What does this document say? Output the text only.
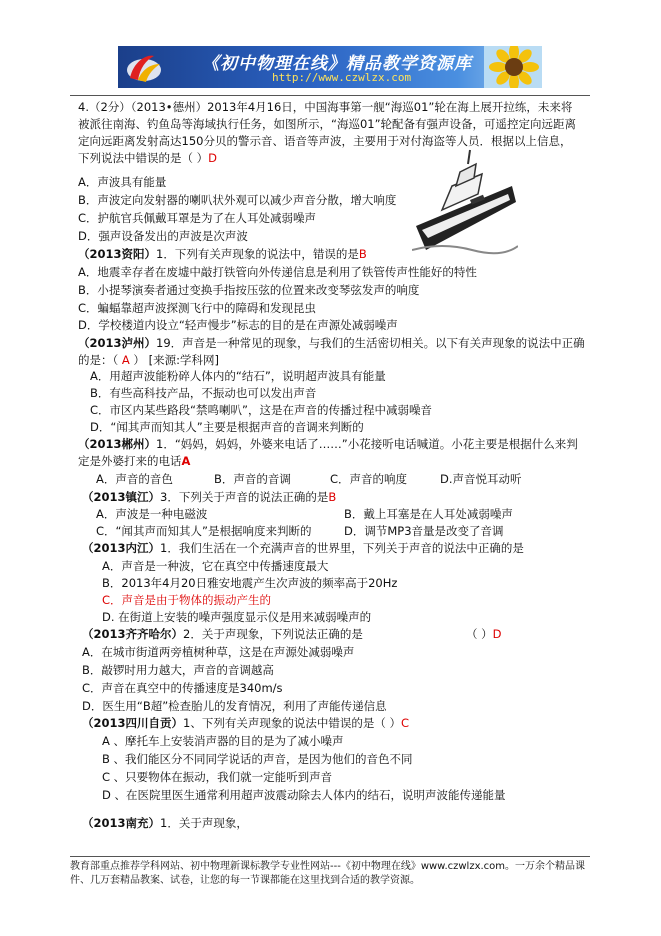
《初中物理在线》精品教学资源库
http://www.czwlzx.com
4.（2分）（2013•德州）2013年4月16日，中国海事第一舰“海巡01”轮在海上展开拉练，未来将
被派往南海、钓鱼岛等海域执行任务，如图所示，“海巡01”轮配备有强声设备，可遥控定向远距离
定向远距离发射高达150分贝的警示音、语音等声波，主要用于对付海盗等人员．根据以上信息，
下列说法中错误的是（ ）D
A．声波具有能量
B．声波定向发射器的喇叭状外观可以减少声音分散，增大响度
C．护航官兵佩戴耳罩是为了在人耳处减弱噪声
D．强声设备发出的声波是次声波
（2013资阳）1．下列有关声现象的说法中，错误的是B
A．地震幸存者在废墟中敲打铁管向外传递信息是利用了铁管传声性能好的特性
B．小提琴演奏者通过变换手指按压弦的位置来改变琴弦发声的响度
C．蝙蝠靠超声波探测飞行中的障碍和发现昆虫
D．学校楼道内设立“轻声慢步”标志的目的是在声源处减弱噪声
（2013泸州）19．声音是一种常见的现象，与我们的生活密切相关。以下有关声现象的说法中正确
的是：（ A ） [来源:学科网]
A．用超声波能粉碎人体内的“结石”，说明超声波具有能量
B．有些高科技产品，不振动也可以发出声音
C．市区内某些路段“禁鸣喇叭”，这是在声音的传播过程中减弱噪音
D．“闻其声而知其人”主要是根据声音的音调来判断的
（2013郴州）1．“妈妈，妈妈，外婆来电话了……”小花接听电话喊道。小花主要是根据什么来判
定是外婆打来的电话A
A．声音的音色	B．声音的音调	C．声音的响度	D.声音悦耳动听
（2013镇江）3．下列关于声音的说法正确的是B
A．声波是一种电磁波	B．戴上耳塞是在人耳处减弱噪声
C．“闻其声而知其人”是根据响度来判断的	D．调节MP3音量是改变了音调
（2013内江）1．我们生活在一个充满声音的世界里，下列关于声音的说法中正确的是
A．声音是一种波，它在真空中传播速度最大
B．2013年4月20日雅安地震产生次声波的频率高于20Hz
C．声音是由于物体的振动产生的
D. 在街道上安装的噪声强度显示仪是用来减弱噪声的
（2013齐齐哈尔）2．关于声现象，下列说法正确的是	（ ）D
A．在城市街道两旁植树种草，这是在声源处减弱噪声
B．敲锣时用力越大，声音的音调越高
C．声音在真空中的传播速度是340m/s
D．医生用“B超”检查胎儿的发育情况，利用了声能传递信息
（2013四川自贡）1、下列有关声现象的说法中错误的是（ ）C
A 、摩托车上安装消声器的目的是为了减小噪声
B 、我们能区分不同同学说话的声音，是因为他们的音色不同
C 、只要物体在振动，我们就一定能听到声音
D 、在医院里医生通常利用超声波震动除去人体内的结石，说明声波能传递能量
（2013南充）1．关于声现象，
教育部重点推荐学科网站、初中物理新课标教学专业性网站---《初中物理在线》www.czwlzx.com。一万余个精品课
件、几万套精品教案、试卷，让您的每一节课都能在这里找到合适的教学资源。
